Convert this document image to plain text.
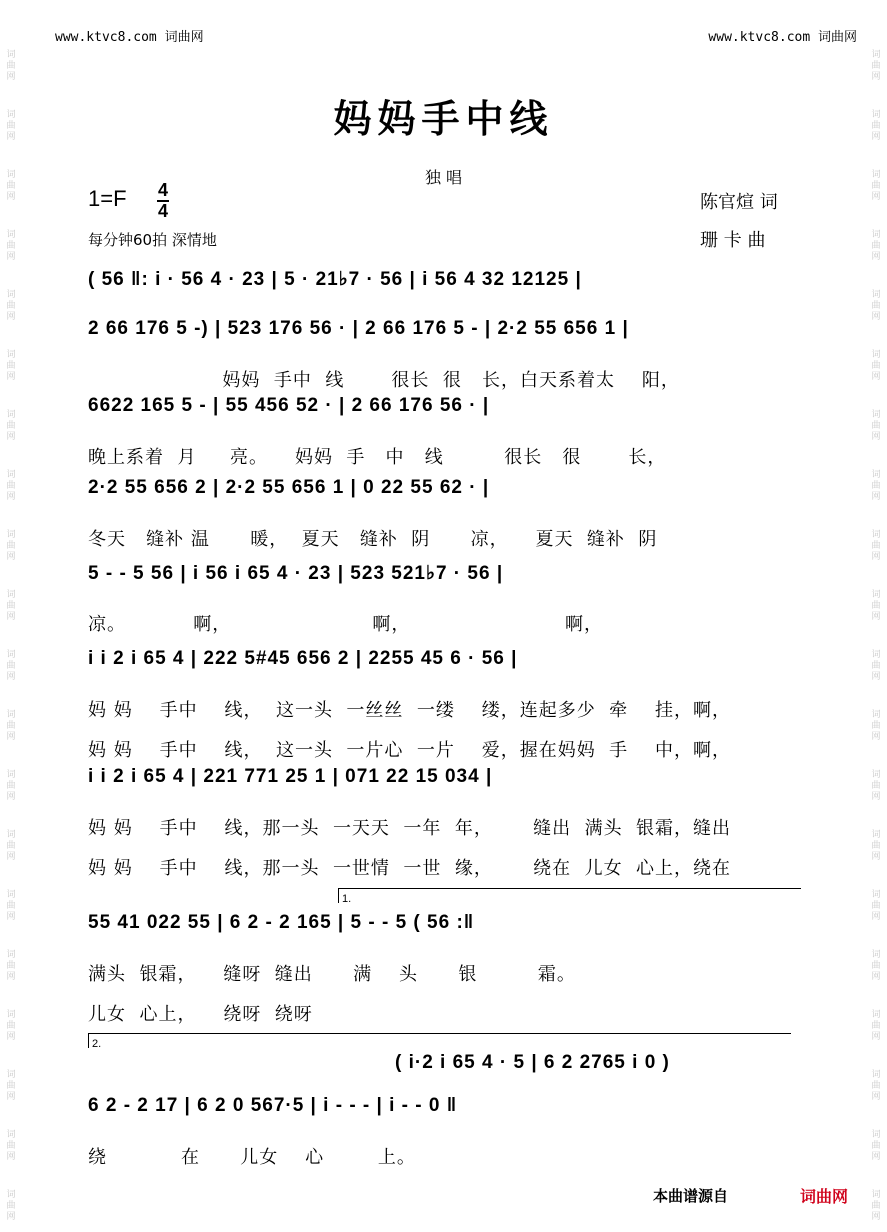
词
曲
网
词
曲
网
词
曲
网
词
曲
网
词
曲
网
词
曲
网
词
曲
网
词
曲
网
词
曲
网
词
曲
网
词
曲
网
词
曲
网
词
曲
网
词
曲
网
词
曲
网
词
曲
网
词
曲
网
词
曲
网
词
曲
网
词
曲
网
词
曲
网
词
曲
网
词
曲
网
词
曲
网
词
曲
网
词
曲
网
词
曲
网
词
曲
网
词
曲
网
词
曲
网
词
曲
网
词
曲
网
词
曲
网
词
曲
网
词
曲
网
词
曲
网
词
曲
网
词
曲
网
词
曲
网
词
曲
网
www.ktvc8.com 词曲网	www.ktvc8.com 词曲网
妈妈手中线
独 唱
1=F 4
4
每分钟60拍 深情地
陈官煊 词
珊 卡 曲
( 56 ‖: i · 56 4 · 23 | 5 · 21♭7 · 56 | i 56 4 32 12125 |
2 66 176 5 -) | 523 176 56 · | 2 66 176 5 - | 2·2 55 656 1 |
妈妈  手中  线       很长  很   长，白天系着太    阳，
6622 165 5 - | 55 456 52 · | 2 66 176 56 · |
晚上系着  月     亮。    妈妈  手   中   线         很长   很       长，
2·2 55 656 2 | 2·2 55 656 1 | 0 22 55 62 · |
冬天   缝补 温      暖，  夏天   缝补  阴      凉，    夏天  缝补  阴
5 - - 5 56 | i 56 i 65 4 · 23 | 523 521♭7 · 56 |
凉。          啊，                     啊，                       啊，
i i 2 i 65 4 | 222 5#45 656 2 | 2255 45 6 · 56 |
妈 妈    手中    线，  这一头  一丝丝  一缕    缕，连起多少  牵    挂，啊，
妈 妈    手中    线，  这一头  一片心  一片    爱，握在妈妈  手    中，啊，
i i 2 i 65 4 | 221 771 25 1 | 071 22 15 034 |
妈 妈    手中    线，那一头  一天天  一年  年，      缝出  满头  银霜，缝出
妈 妈    手中    线，那一头  一世情  一世  缘，      绕在  儿女  心上，绕在
55 41 022 55 | 6 2 - 2 165 | 5 - - 5 ( 56 :‖
满头  银霜，    缝呀  缝出      满    头      银         霜。
儿女  心上，    绕呀  绕呀
1.
( i·2 i 65 4 · 5 | 6 2 2765 i 0 )
2.
6 2 - 2 17 | 6 2 0 567·5 | i - - - | i - - 0 ‖
绕           在      儿女    心        上。
本曲谱源自	词曲网
